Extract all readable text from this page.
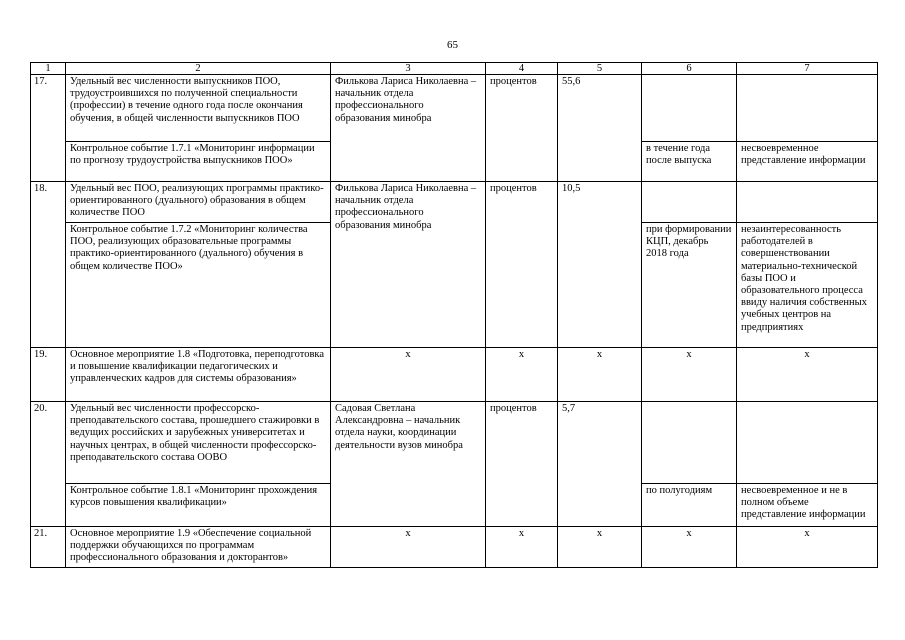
65
1	2	3	4	5	6	7
17.	Удельный вес численности выпускников ПОО, трудоустроившихся по полученной специальности (профессии) в течение одного года после окончания обучения, в общей численности выпускников ПОО	Филькова Лариса Николаевна – начальник отдела профессионального образования минобра	процентов	55,6		
	Контрольное событие 1.7.1 «Мониторинг информации по прогнозу трудоустройства выпускников ПОО»				в течение года после выпуска	несвоевременное представление информации
18.	Удельный вес ПОО, реализующих программы практико-ориентированного (дуального) образования в общем количестве ПОО	Филькова Лариса Николаевна – начальник отдела профессионального образования минобра	процентов	10,5		
	Контрольное событие 1.7.2 «Мониторинг количества ПОО, реализующих образовательные программы практико-ориентированного (дуального) обучения в общем количестве ПОО»				при формировании КЦП, декабрь 2018 года	незаинтересованность работодателей в совершенствовании материально-технической базы ПОО и образовательного процесса ввиду наличия собственных учебных центров на предприятиях
19.	Основное мероприятие 1.8 «Подготовка, переподготовка и повышение квалификации педагогических и управленческих кадров для системы образования»	x	x	x	x	x
20.	Удельный вес численности профессорско-преподавательского состава, прошедшего стажировки в ведущих российских и зарубежных университетах и научных центрах, в общей численности профессорско-преподавательского состава ООВО	Садовая Светлана Александровна – начальник отдела науки, координации деятельности вузов минобра	процентов	5,7		
	Контрольное событие 1.8.1 «Мониторинг прохождения курсов повышения квалификации»				по полугодиям	несвоевременное и не в полном объеме представление информации
21.	Основное мероприятие 1.9 «Обеспечение социальной поддержки обучающихся по программам профессионального образования и докторантов»	x	x	x	x	x
